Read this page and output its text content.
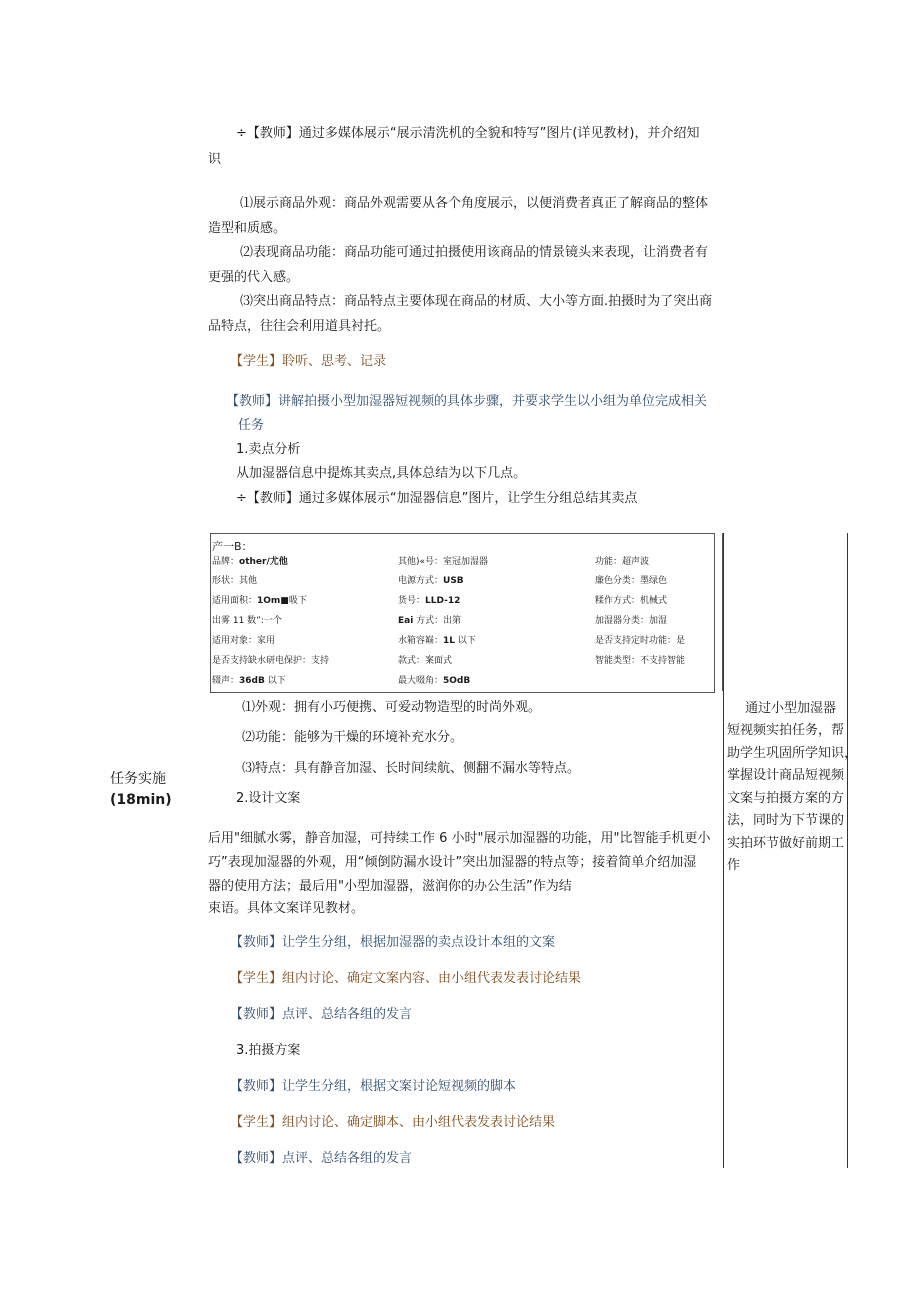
÷【教师】通过多媒体展示“展示清洗机的全貌和特写”图片(详见教材)，并介绍知
识
⑴展示商品外观：商品外观需要从各个角度展示，以便消费者真正了解商品的整体
造型和质感。
⑵表现商品功能：商品功能可通过拍摄使用该商品的情景镜头来表现，让消费者有
更强的代入感。
⑶突出商品特点：商品特点主要体现在商品的材质、大小等方面.拍摄时为了突出商
品特点，往往会利用道具衬托。
【学生】聆听、思考、记录
【教师】讲解拍摄小型加湿器短视频的具体步骤，并要求学生以小组为单位完成相关
任务
1.卖点分析
从加湿器信息中提炼其卖点,具体总结为以下几点。
÷【教师】通过多媒体展示“加湿器信息”图片，让学生分组总结其卖点
产一B：
品牌：other/尤他	其他)«号：室冠加湿器	功能：超声波
形状：其他	电源方式：USB	廉色分类：墨绿色
适用面积：1Om■吸下	货号：LLD-12	糅作方式：机械式
出雾 11 数”:一个	Eai 方式：出第	加湿器分类：加湿
适用对象：家用	水箱容巅：1L 以下	是否支持定时功能：是
是否支持缺水研电保护：支持	款式：案面式	智能类型：不支持智能
辍声：36dB 以下	最大啜角：5OdB
⑴外观：拥有小巧便携、可爱动物造型的时尚外观。
⑵功能：能够为干燥的环境补充水分。
⑶特点：具有静音加湿、长时间续航、侧翻不漏水等特点。
2.设计文案
后用"细腻水雾，静音加湿，可持续工作 6 小时"展示加湿器的功能，用"比智能手机更小
巧”表现加湿器的外观，用“倾倒防漏水设计”突出加湿器的特点等；接着简单介绍加湿
器的使用方法；最后用"小型加湿器，滋润你的办公生活”作为结
束语。具体文案详见教材。
【教师】让学生分组，根据加湿器的卖点设计本组的文案
【学生】组内讨论、确定文案内容、由小组代表发表讨论结果
【教师】点评、总结各组的发言
3.拍摄方案
【教师】让学生分组，根据文案讨论短视频的脚本
【学生】组内讨论、确定脚本、由小组代表发表讨论结果
【教师】点评、总结各组的发言
任务实施
(18min)
通过小型加湿器
短视频实拍任务，帮
助学生巩固所学知识，
掌握设计商品短视频
文案与拍摄方案的方
法，同时为下节课的
实拍环节做好前期工
作
